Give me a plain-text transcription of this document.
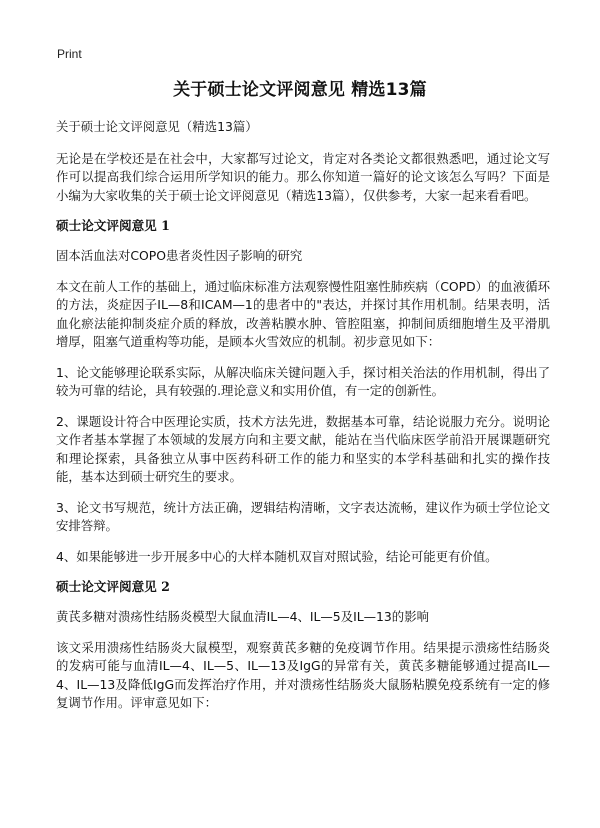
Print
关于硕士论文评阅意见 精选13篇

关于硕士论文评阅意见（精选13篇）

无论是在学校还是在社会中，大家都写过论文，肯定对各类论文都很熟悉吧，通过论文写作可以提高我们综合运用所学知识的能力。那么你知道一篇好的论文该怎么写吗？下面是小编为大家收集的关于硕士论文评阅意见（精选13篇），仅供参考，大家一起来看看吧。

硕士论文评阅意见 1

固本活血法对COPO患者炎性因子影响的研究

本文在前人工作的基础上，通过临床标准方法观察慢性阻塞性肺疾病（COPD）的血液循环的方法，炎症因子IL—8和ICAM—1的患者中的"表达，并探讨其作用机制。结果表明，活血化瘀法能抑制炎症介质的释放，改善粘膜水肿、管腔阻塞，抑制间质细胞增生及平滑肌增厚，阻塞气道重构等功能，是顾本火雪效应的机制。初步意见如下：

1、论文能够理论联系实际，从解决临床关键问题入手，探讨相关治法的作用机制，得出了较为可靠的结论，具有较强的.理论意义和实用价值，有一定的创新性。

2、课题设计符合中医理论实质，技术方法先进，数据基本可靠，结论说服力充分。说明论文作者基本掌握了本领域的发展方向和主要文献，能站在当代临床医学前沿开展课题研究和理论探索，具备独立从事中医药科研工作的能力和坚实的本学科基础和扎实的操作技能，基本达到硕士研究生的要求。

3、论文书写规范，统计方法正确，逻辑结构清晰，文字表达流畅，建议作为硕士学位论文安排答辩。

4、如果能够进一步开展多中心的大样本随机双盲对照试验，结论可能更有价值。

硕士论文评阅意见 2

黄芪多糖对溃疡性结肠炎模型大鼠血清IL—4、IL—5及IL—13的影响

该文采用溃疡性结肠炎大鼠模型，观察黄芪多糖的免疫调节作用。结果提示溃疡性结肠炎的发病可能与血清IL—4、IL—5、IL—13及IgG的异常有关，黄芪多糖能够通过提高IL—4、IL—13及降低IgG而发挥治疗作用，并对溃疡性结肠炎大鼠肠粘膜免疫系统有一定的修复调节作用。评审意见如下：
